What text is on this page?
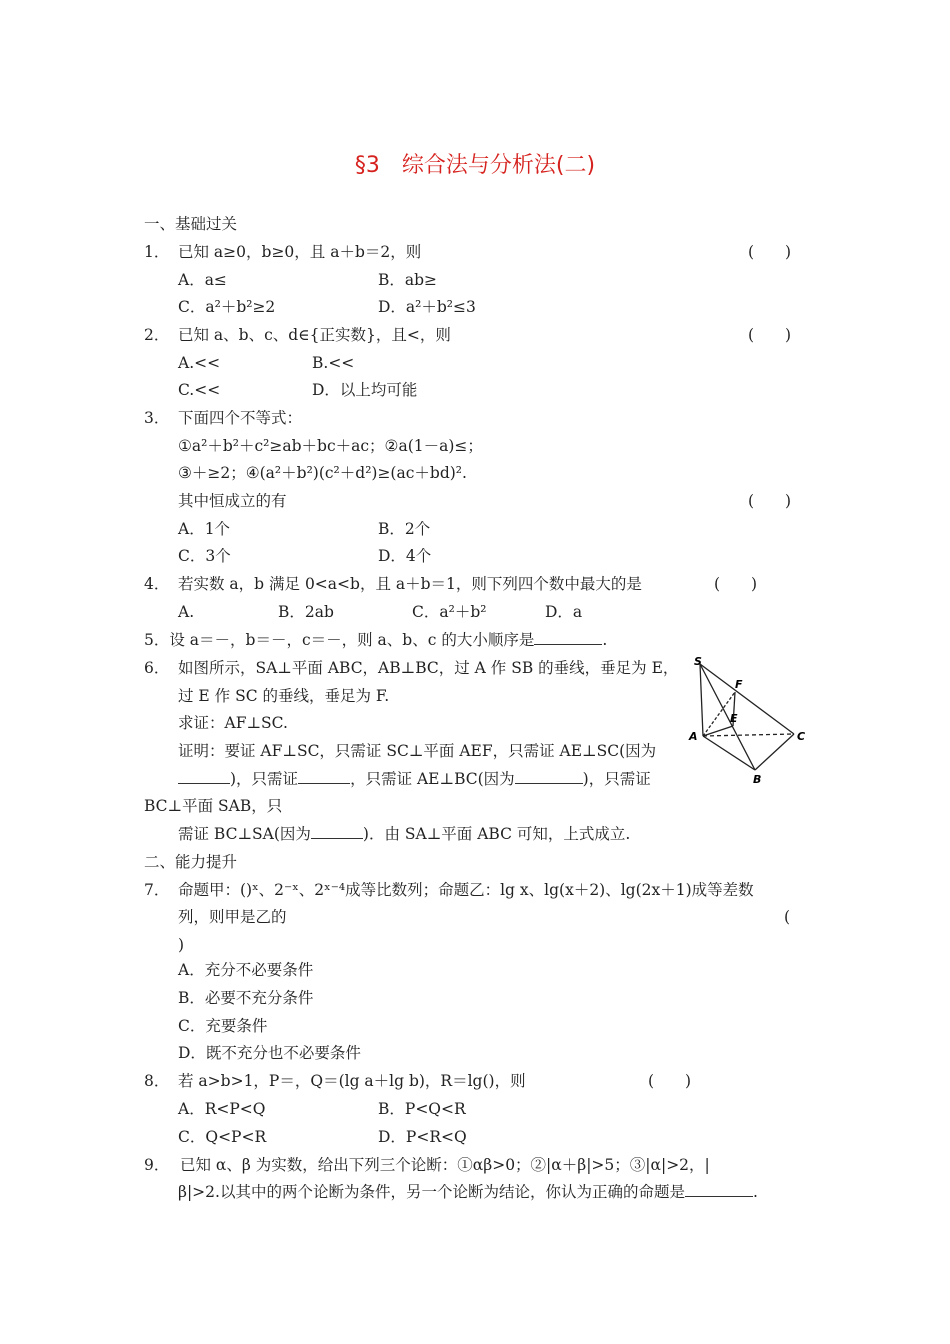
§3　综合法与分析法(二)
一、基础过关
1． 已知 a≥0，b≥0，且 a＋b＝2，则	(　　)
A．a≤	B．ab≥
C．a²＋b²≥2	D．a²＋b²≤3
2． 已知 a、b、c、d∈{正实数}，且<，则	(　　)
A.<<	B.<<
C.<<	D．以上均可能
3． 下面四个不等式：
①a²＋b²＋c²≥ab＋bc＋ac；②a(1－a)≤；
③＋≥2；④(a²＋b²)(c²＋d²)≥(ac＋bd)².
其中恒成立的有	(　　)
A．1个	B．2个
C．3个	D．4个
4． 若实数 a，b 满足 0<a<b，且 a＋b＝1，则下列四个数中最大的是	(　　)
A.	B．2ab	C．a²＋b²	D．a
5．设 a＝－，b＝－，c＝－，则 a、b、c 的大小顺序是	.
6． 如图所示，SA⊥平面 ABC，AB⊥BC，过 A 作 SB 的垂线，垂足为 E，
过 E 作 SC 的垂线，垂足为 F.
求证：AF⊥SC.
证明：要证 AF⊥SC，只需证 SC⊥平面 AEF，只需证 AE⊥SC(因为
)，只需证	，只需证 AE⊥BC(因为	)，只需证
BC⊥平面 SAB，只
需证 BC⊥SA(因为	)．由 SA⊥平面 ABC 可知，上式成立.
S
F
E
A	C
B
二、能力提升
7． 命题甲：()ˣ、2⁻ˣ、2ˣ⁻⁴成等比数列；命题乙：lg x、lg(x＋2)、lg(2x＋1)成等差数
列，则甲是乙的	(
)
A．充分不必要条件
B．必要不充分条件
C．充要条件
D．既不充分也不必要条件
8． 若 a>b>1，P＝，Q＝(lg a＋lg b)，R＝lg()，则	(　　)
A．R<P<Q	B．P<Q<R
C．Q<P<R	D．P<R<Q
9． 已知 α、β 为实数，给出下列三个论断：①αβ>0；②|α＋β|>5；③|α|>2，|
β|>2.以其中的两个论断为条件，另一个论断为结论，你认为正确的命题是	.
